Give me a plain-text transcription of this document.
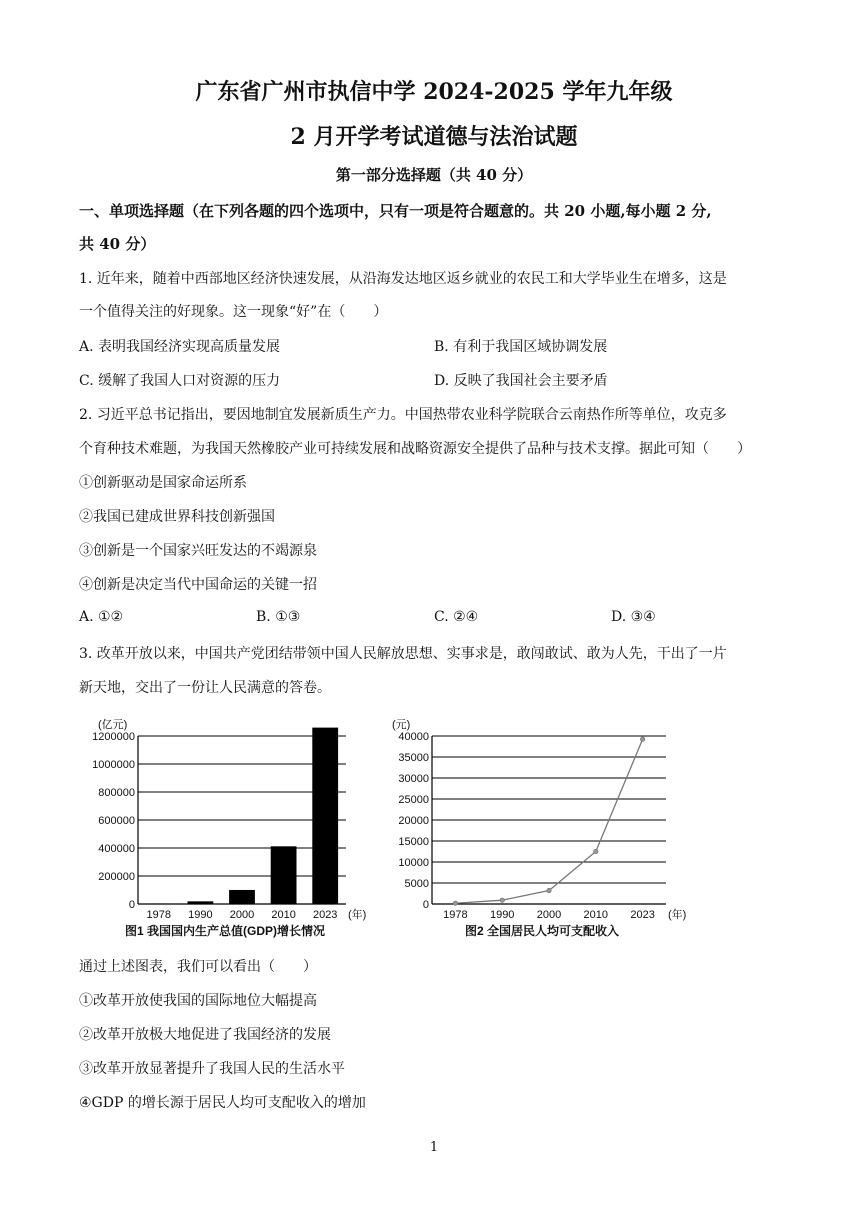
广东省广州市执信中学 2024-2025 学年九年级
2 月开学考试道德与法治试题
第一部分选择题（共 40 分）
一、单项选择题（在下列各题的四个选项中，只有一项是符合题意的。共 20 小题,每小题 2 分,
共 40 分）
1. 近年来，随着中西部地区经济快速发展，从沿海发达地区返乡就业的农民工和大学毕业生在增多，这是
一个值得关注的好现象。这一现象“好”在（　　）
A. 表明我国经济实现高质量发展	B. 有利于我国区域协调发展
C. 缓解了我国人口对资源的压力	D. 反映了我国社会主要矛盾
2. 习近平总书记指出，要因地制宜发展新质生产力。中国热带农业科学院联合云南热作所等单位，攻克多
个育种技术难题，为我国天然橡胶产业可持续发展和战略资源安全提供了品种与技术支撑。据此可知（　　）
①创新驱动是国家命运所系
②我国已建成世界科技创新强国
③创新是一个国家兴旺发达的不竭源泉
④创新是决定当代中国命运的关键一招
A. ①②	B. ①③	C. ②④	D. ③④
3. 改革开放以来，中国共产党团结带领中国人民解放思想、实事求是，敢闯敢试、敢为人先，干出了一片
新天地，交出了一份让人民满意的答卷。
(亿元)
0
200000
400000
600000
800000
1000000
1200000
1978 1990 2000 2010 2023 (年)
图1 我国国内生产总值(GDP)增长情况
(元)
0
5000
10000
15000
20000
25000
30000
35000
40000
1978 1990 2000 2010 2023 (年)
图2 全国居民人均可支配收入
通过上述图表，我们可以看出（　　）
①改革开放使我国的国际地位大幅提高
②改革开放极大地促进了我国经济的发展
③改革开放显著提升了我国人民的生活水平
④GDP 的增长源于居民人均可支配收入的增加
1
